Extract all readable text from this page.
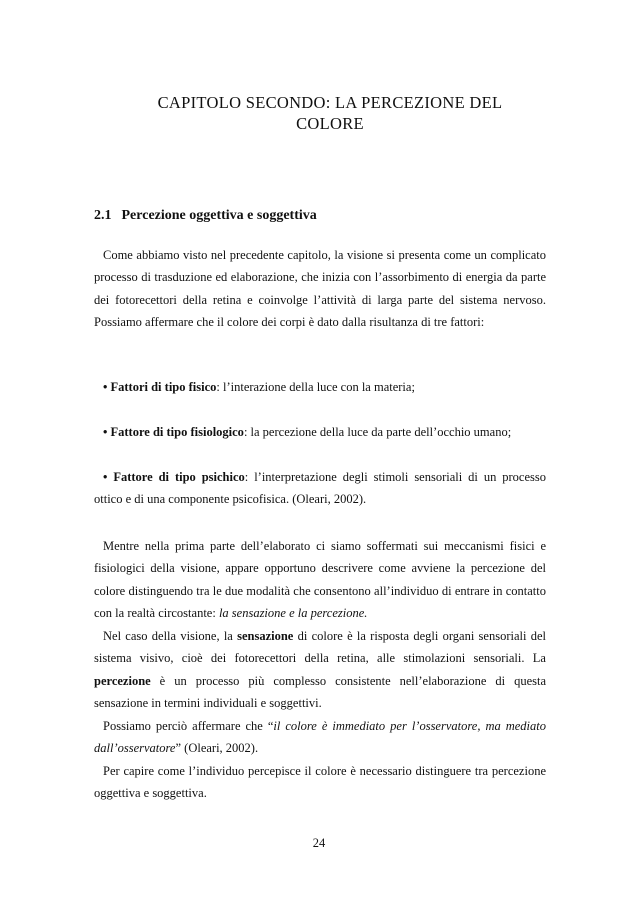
CAPITOLO SECONDO: LA PERCEZIONE DEL
COLORE
2.1 Percezione oggettiva e soggettiva

Come abbiamo visto nel precedente capitolo, la visione si presenta come un complicato processo di trasduzione ed elaborazione, che inizia con l’assorbimento di energia da parte dei fotorecettori della retina e coinvolge l’attività di larga parte del sistema nervoso. Possiamo affermare che il colore dei corpi è dato dalla risultanza di tre fattori:

• Fattori di tipo fisico: l’interazione della luce con la materia;

• Fattore di tipo fisiologico: la percezione della luce da parte dell’occhio umano;

• Fattore di tipo psichico: l’interpretazione degli stimoli sensoriali di un processo ottico e di una componente psicofisica. (Oleari, 2002).

Mentre nella prima parte dell’elaborato ci siamo soffermati sui meccanismi fisici e fisiologici della visione, appare opportuno descrivere come avviene la percezione del colore distinguendo tra le due modalità che consentono all’individuo di entrare in contatto con la realtà circostante: la sensazione e la percezione.

Nel caso della visione, la sensazione di colore è la risposta degli organi sensoriali del sistema visivo, cioè dei fotorecettori della retina, alle stimolazioni sensoriali. La percezione è un processo più complesso consistente nell’elaborazione di questa sensazione in termini individuali e soggettivi.

Possiamo perciò affermare che “il colore è immediato per l’osservatore, ma mediato dall’osservatore” (Oleari, 2002).

Per capire come l’individuo percepisce il colore è necessario distinguere tra percezione oggettiva e soggettiva.

24
